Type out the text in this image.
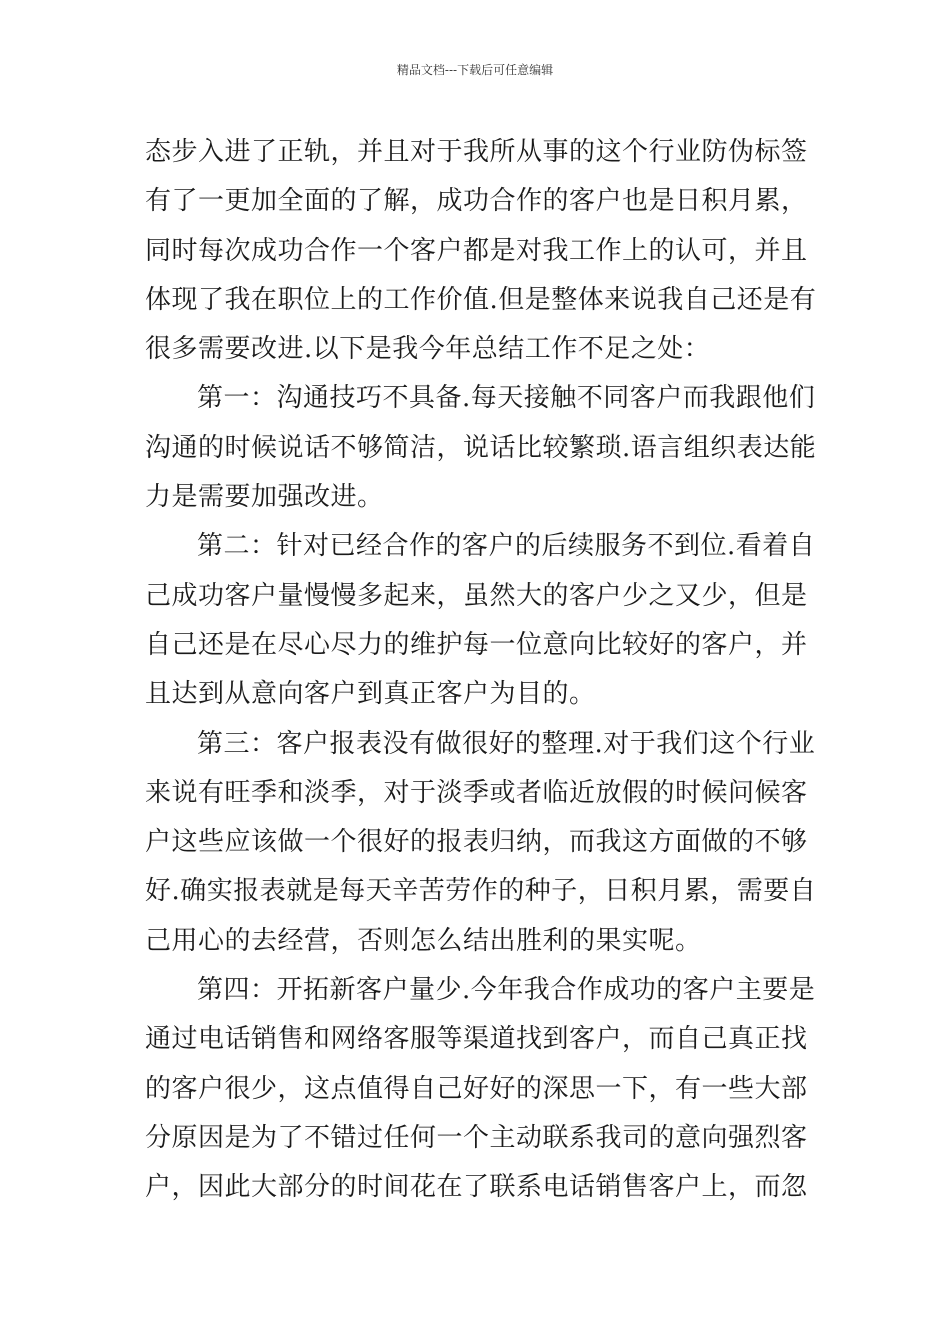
精品文档---下载后可任意编辑
态步入进了正轨，并且对于我所从事的这个行业防伪标签
有了一更加全面的了解，成功合作的客户也是日积月累，
同时每次成功合作一个客户都是对我工作上的认可，并且
体现了我在职位上的工作价值.但是整体来说我自己还是有
很多需要改进.以下是我今年总结工作不足之处：
第一：沟通技巧不具备.每天接触不同客户而我跟他们
沟通的时候说话不够简洁，说话比较繁琐.语言组织表达能
力是需要加强改进。
第二：针对已经合作的客户的后续服务不到位.看着自
己成功客户量慢慢多起来，虽然大的客户少之又少，但是
自己还是在尽心尽力的维护每一位意向比较好的客户，并
且达到从意向客户到真正客户为目的。
第三：客户报表没有做很好的整理.对于我们这个行业
来说有旺季和淡季，对于淡季或者临近放假的时候问候客
户这些应该做一个很好的报表归纳，而我这方面做的不够
好.确实报表就是每天辛苦劳作的种子，日积月累，需要自
己用心的去经营，否则怎么结出胜利的果实呢。
第四：开拓新客户量少.今年我合作成功的客户主要是
通过电话销售和网络客服等渠道找到客户，而自己真正找
的客户很少，这点值得自己好好的深思一下，有一些大部
分原因是为了不错过任何一个主动联系我司的意向强烈客
户，因此大部分的时间花在了联系电话销售客户上，而忽
